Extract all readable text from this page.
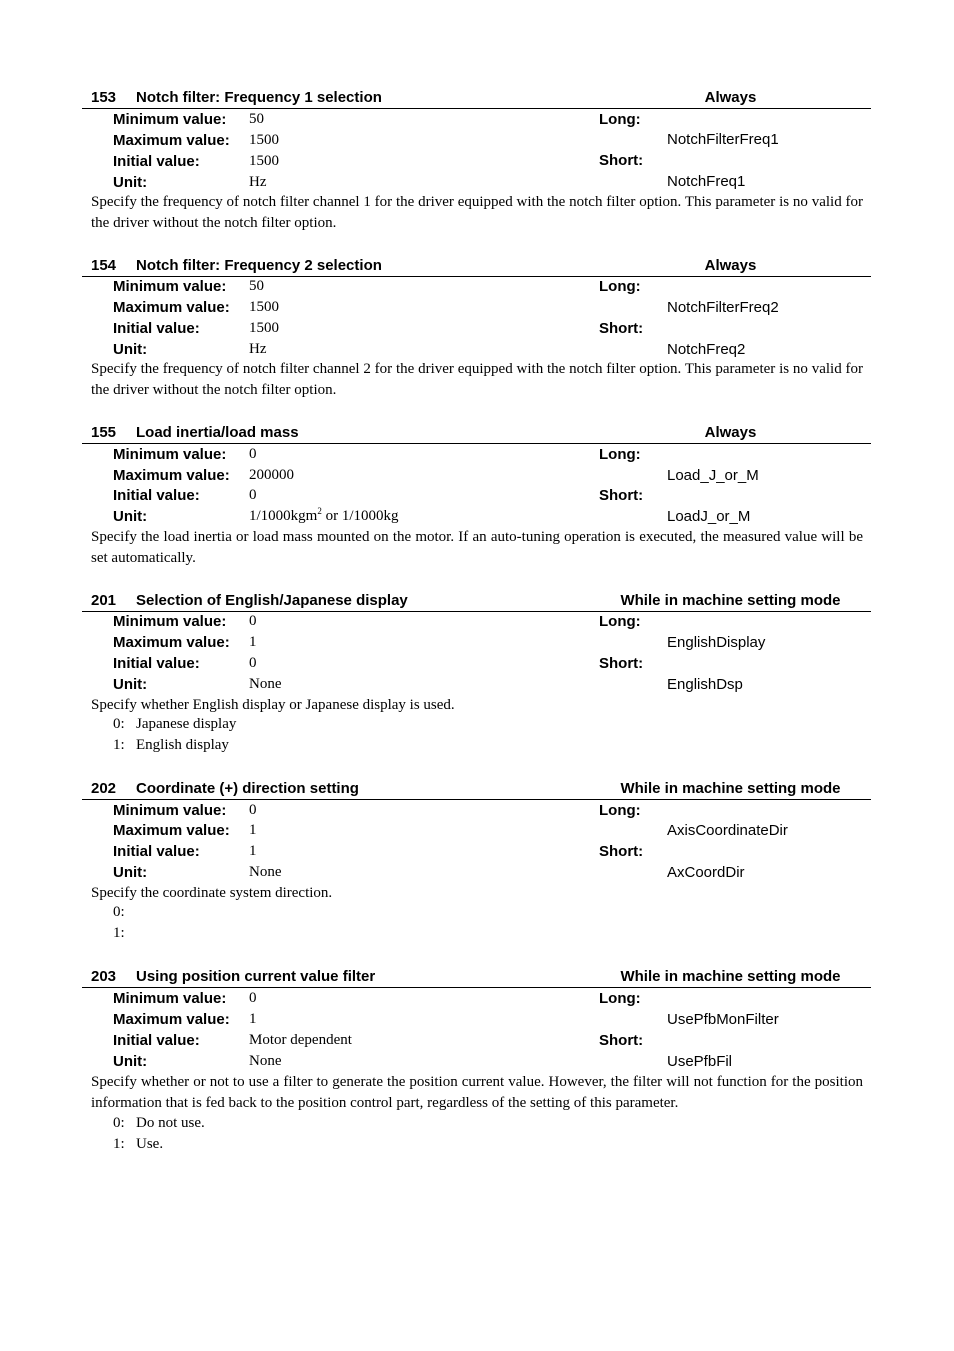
153 Notch filter: Frequency 1 selection	Always
Minimum value: 50
Maximum value: 1500
Initial value:	1500
Unit:	Hz
Long:
NotchFilterFreq1
Short:
NotchFreq1
Specify the frequency of notch filter channel 1 for the driver equipped with the notch filter option. This parameter is no valid for the driver without the notch filter option.
154 Notch filter: Frequency 2 selection	Always
Minimum value: 50
Maximum value: 1500
Initial value:	1500
Unit:	Hz
Long:
NotchFilterFreq2
Short:
NotchFreq2
Specify the frequency of notch filter channel 2 for the driver equipped with the notch filter option. This parameter is no valid for the driver without the notch filter option.
155 Load inertia/load mass	Always
Minimum value: 0
Maximum value: 200000
Initial value:	0
Unit:	1/1000kgm$^2$ or 1/1000kg
Long:
Load_J_or_M
Short:
LoadJ_or_M
Specify the load inertia or load mass mounted on the motor. If an auto-tuning operation is executed, the measured value will be set automatically.
201 Selection of English/Japanese display	While in machine setting mode
Minimum value: 0
Maximum value: 1
Initial value:	0
Unit:	None
Long:
EnglishDisplay
Short:
EnglishDsp
Specify whether English display or Japanese display is used.
0: Japanese display
1: English display
202 Coordinate (+) direction setting	While in machine setting mode
Minimum value: 0
Maximum value: 1
Initial value:	1
Unit:	None
Long:
AxisCoordinateDir
Short:
AxCoordDir
Specify the coordinate system direction.
0:
1:
203 Using position current value filter	While in machine setting mode
Minimum value: 0
Maximum value: 1
Initial value:	Motor dependent
Unit:	None
Long:
UsePfbMonFilter
Short:
UsePfbFil
Specify whether or not to use a filter to generate the position current value. However, the filter will not function for the position information that is fed back to the position control part, regardless of the setting of this parameter.
0: Do not use.
1: Use.
